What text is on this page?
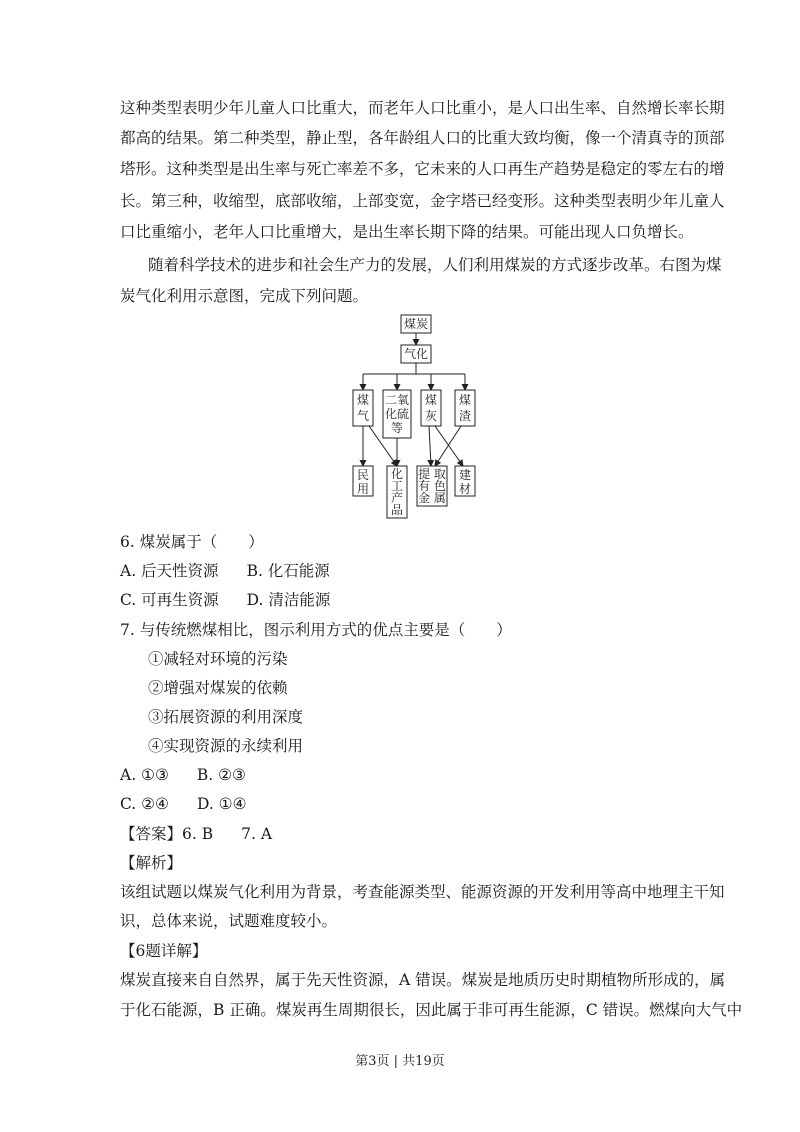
这种类型表明少年儿童人口比重大，而老年人口比重小，是人口出生率、自然增长率长期
都高的结果。第二种类型，静止型，各年龄组人口的比重大致均衡，像一个清真寺的顶部
塔形。这种类型是出生率与死亡率差不多，它未来的人口再生产趋势是稳定的零左右的增
长。第三种，收缩型，底部收缩，上部变宽，金字塔已经变形。这种类型表明少年儿童人
口比重缩小，老年人口比重增大，是出生率长期下降的结果。可能出现人口负增长。
随着科学技术的进步和社会生产力的发展，人们利用煤炭的方式逐步改革。右图为煤
炭气化利用示意图，完成下列问题。
煤炭
气化
煤
气
二氧
化硫
等
煤
灰
煤
渣
民
用
化
工
产
品
提 取
有 色
金 属
建
材
6. 煤炭属于（　　）
A. 后天性资源 B. 化石能源
C. 可再生资源 D. 清洁能源
7. 与传统燃煤相比，图示利用方式的优点主要是（　　）
①减轻对环境的污染
②增强对煤炭的依赖
③拓展资源的利用深度
④实现资源的永续利用
A. ①③ B. ②③
C. ②④ D. ①④
【答案】6. B 7. A
【解析】
该组试题以煤炭气化利用为背景，考查能源类型、能源资源的开发利用等高中地理主干知
识，总体来说，试题难度较小。
【6题详解】
煤炭直接来自自然界，属于先天性资源，A 错误。煤炭是地质历史时期植物所形成的，属
于化石能源，B 正确。煤炭再生周期很长，因此属于非可再生能源，C 错误。燃煤向大气中
第3页 | 共19页
